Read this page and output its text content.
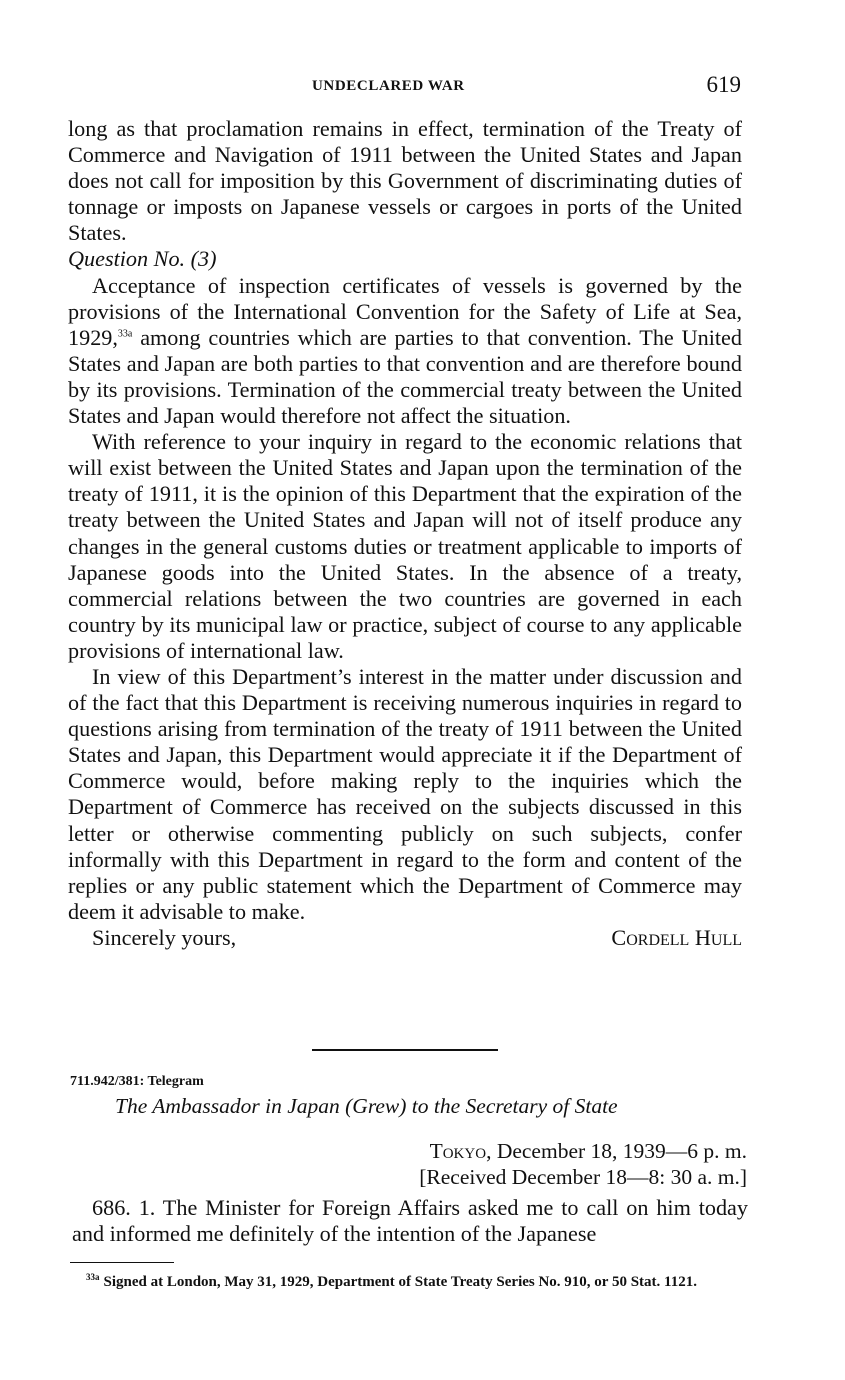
UNDECLARED WAR	619

long as that proclamation remains in effect, termination of the Treaty of Commerce and Navigation of 1911 between the United States and Japan does not call for imposition by this Government of discriminating duties of tonnage or imposts on Japanese vessels or cargoes in ports of the United States.

Question No. (3)

Acceptance of inspection certificates of vessels is governed by the provisions of the International Convention for the Safety of Life at Sea, 1929,$^{33a}$ among countries which are parties to that convention. The United States and Japan are both parties to that convention and are therefore bound by its provisions. Termination of the commercial treaty between the United States and Japan would therefore not affect the situation.

With reference to your inquiry in regard to the economic relations that will exist between the United States and Japan upon the termination of the treaty of 1911, it is the opinion of this Department that the expiration of the treaty between the United States and Japan will not of itself produce any changes in the general customs duties or treatment applicable to imports of Japanese goods into the United States. In the absence of a treaty, commercial relations between the two countries are governed in each country by its municipal law or practice, subject of course to any applicable provisions of international law.

In view of this Department’s interest in the matter under discussion and of the fact that this Department is receiving numerous inquiries in regard to questions arising from termination of the treaty of 1911 between the United States and Japan, this Department would appreciate it if the Department of Commerce would, before making reply to the inquiries which the Department of Commerce has received on the subjects discussed in this letter or otherwise commenting publicly on such subjects, confer informally with this Department in regard to the form and content of the replies or any public statement which the Department of Commerce may deem it advisable to make.

Sincerely yours,	Cordell Hull
711.942/381: Telegram
The Ambassador in Japan (Grew) to the Secretary of State
Tokyo, December 18, 1939—6 p. m.
[Received December 18—8: 30 a. m.]

686. 1. The Minister for Foreign Affairs asked me to call on him today and informed me definitely of the intention of the Japanese

$^{33a}$ Signed at London, May 31, 1929, Department of State Treaty Series No. 910, or 50 Stat. 1121.
